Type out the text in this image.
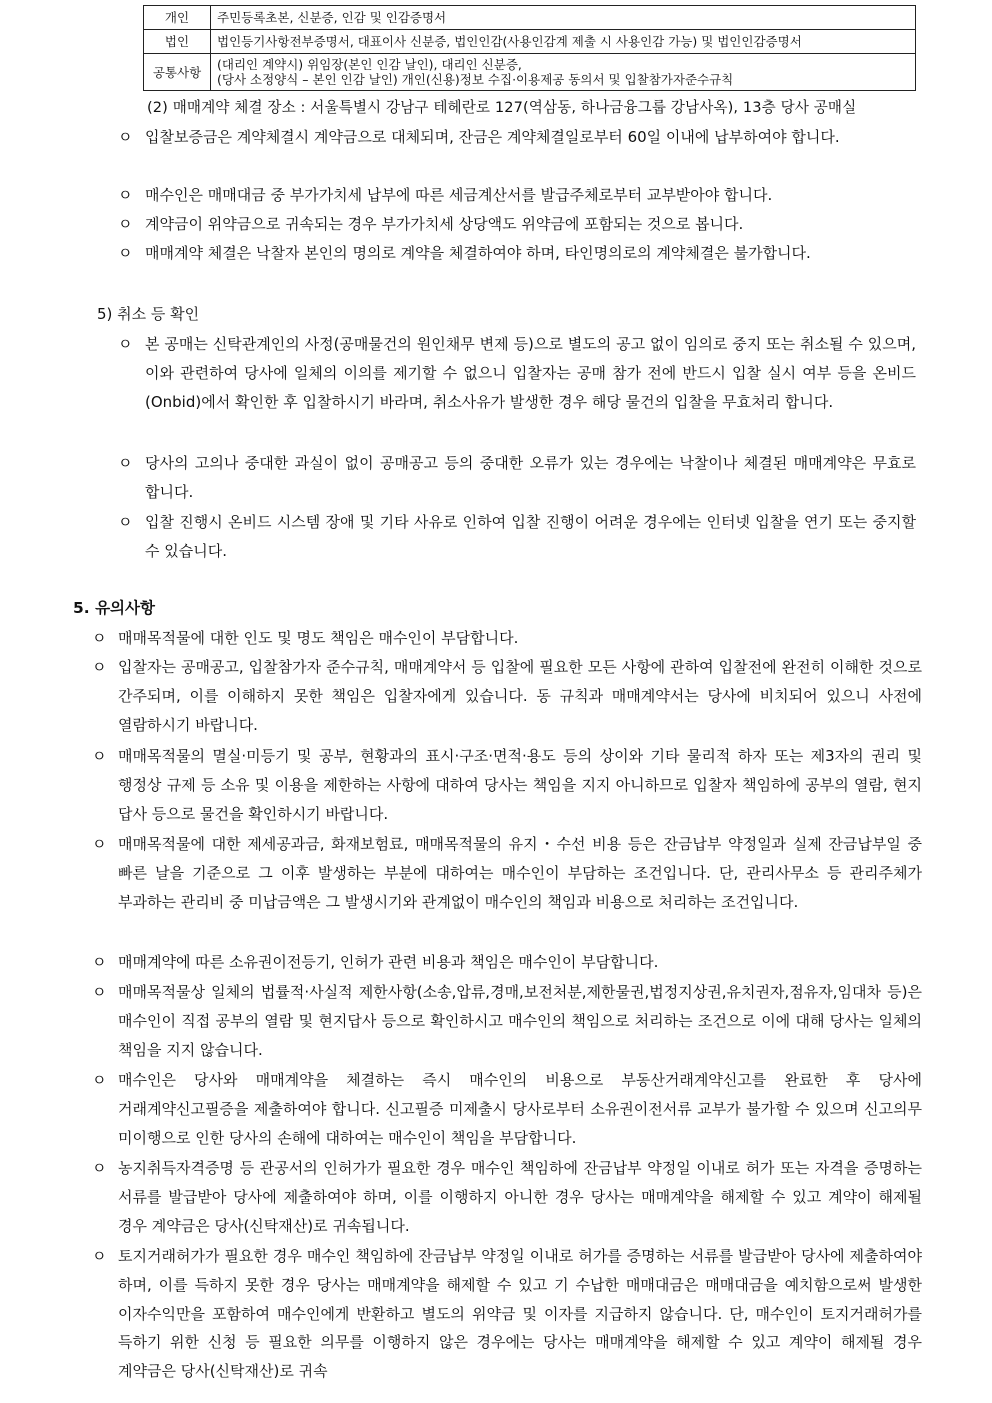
개인	주민등록초본, 신분증, 인감 및 인감증명서

법인	법인등기사항전부증명서, 대표이사 신분증, 법인인감(사용인감계 제출 시 사용인감 가능) 및 법인인감증명서

공통사항	(대리인 계약시) 위임장(본인 인감 날인), 대리인 신분증,
(당사 소정양식 – 본인 인감 날인) 개인(신용)정보 수집·이용제공 동의서 및 입찰참가자준수규칙
(2) 매매계약 체결 장소 : 서울특별시 강남구 테헤란로 127(역삼동, 하나금융그룹 강남사옥), 13층 당사 공매실
ㅇ 입찰보증금은 계약체결시 계약금으로 대체되며, 잔금은 계약체결일로부터 60일 이내에 납부하여야 합니다.
ㅇ 매수인은 매매대금 중 부가가치세 납부에 따른 세금계산서를 발급주체로부터 교부받아야 합니다.
ㅇ 계약금이 위약금으로 귀속되는 경우 부가가치세 상당액도 위약금에 포함되는 것으로 봅니다.
ㅇ 매매계약 체결은 낙찰자 본인의 명의로 계약을 체결하여야 하며, 타인명의로의 계약체결은 불가합니다.
5) 취소 등 확인
ㅇ 본 공매는 신탁관계인의 사정(공매물건의 원인채무 변제 등)으로 별도의 공고 없이 임의로 중지 또는 취소될 수 있으며, 이와 관련하여 당사에 일체의 이의를 제기할 수 없으니 입찰자는 공매 참가 전에 반드시 입찰 실시 여부 등을 온비드(Onbid)에서 확인한 후 입찰하시기 바라며, 취소사유가 발생한 경우 해당 물건의 입찰을 무효처리 합니다.
ㅇ 당사의 고의나 중대한 과실이 없이 공매공고 등의 중대한 오류가 있는 경우에는 낙찰이나 체결된 매매계약은 무효로 합니다.
ㅇ 입찰 진행시 온비드 시스템 장애 및 기타 사유로 인하여 입찰 진행이 어려운 경우에는 인터넷 입찰을 연기 또는 중지할 수 있습니다.
5. 유의사항
ㅇ 매매목적물에 대한 인도 및 명도 책임은 매수인이 부담합니다.
ㅇ 입찰자는 공매공고, 입찰참가자 준수규칙, 매매계약서 등 입찰에 필요한 모든 사항에 관하여 입찰전에 완전히 이해한 것으로 간주되며, 이를 이해하지 못한 책임은 입찰자에게 있습니다. 동 규칙과 매매계약서는 당사에 비치되어 있으니 사전에 열람하시기 바랍니다.
ㅇ 매매목적물의 멸실·미등기 및 공부, 현황과의 표시·구조·면적·용도 등의 상이와 기타 물리적 하자 또는 제3자의 권리 및 행정상 규제 등 소유 및 이용을 제한하는 사항에 대하여 당사는 책임을 지지 아니하므로 입찰자 책임하에 공부의 열람, 현지 답사 등으로 물건을 확인하시기 바랍니다.
ㅇ 매매목적물에 대한 제세공과금, 화재보험료, 매매목적물의 유지・수선 비용 등은 잔금납부 약정일과 실제 잔금납부일 중 빠른 날을 기준으로 그 이후 발생하는 부분에 대하여는 매수인이 부담하는 조건입니다. 단, 관리사무소 등 관리주체가 부과하는 관리비 중 미납금액은 그 발생시기와 관계없이 매수인의 책임과 비용으로 처리하는 조건입니다.
ㅇ 매매계약에 따른 소유권이전등기, 인허가 관련 비용과 책임은 매수인이 부담합니다.
ㅇ 매매목적물상 일체의 법률적·사실적 제한사항(소송,압류,경매,보전처분,제한물권,법정지상권,유치권자,점유자,임대차 등)은 매수인이 직접 공부의 열람 및 현지답사 등으로 확인하시고 매수인의 책임으로 처리하는 조건으로 이에 대해 당사는 일체의 책임을 지지 않습니다.
ㅇ 매수인은 당사와 매매계약을 체결하는 즉시 매수인의 비용으로 부동산거래계약신고를 완료한 후 당사에 거래계약신고필증을 제출하여야 합니다. 신고필증 미제출시 당사로부터 소유권이전서류 교부가 불가할 수 있으며 신고의무 미이행으로 인한 당사의 손해에 대하여는 매수인이 책임을 부담합니다.
ㅇ 농지취득자격증명 등 관공서의 인허가가 필요한 경우 매수인 책임하에 잔금납부 약정일 이내로 허가 또는 자격을 증명하는 서류를 발급받아 당사에 제출하여야 하며, 이를 이행하지 아니한 경우 당사는 매매계약을 해제할 수 있고 계약이 해제될 경우 계약금은 당사(신탁재산)로 귀속됩니다.
ㅇ 토지거래허가가 필요한 경우 매수인 책임하에 잔금납부 약정일 이내로 허가를 증명하는 서류를 발급받아 당사에 제출하여야 하며, 이를 득하지 못한 경우 당사는 매매계약을 해제할 수 있고 기 수납한 매매대금은 매매대금을 예치함으로써 발생한 이자수익만을 포함하여 매수인에게 반환하고 별도의 위약금 및 이자를 지급하지 않습니다. 단, 매수인이 토지거래허가를 득하기 위한 신청 등 필요한 의무를 이행하지 않은 경우에는 당사는 매매계약을 해제할 수 있고 계약이 해제될 경우 계약금은 당사(신탁재산)로 귀속
